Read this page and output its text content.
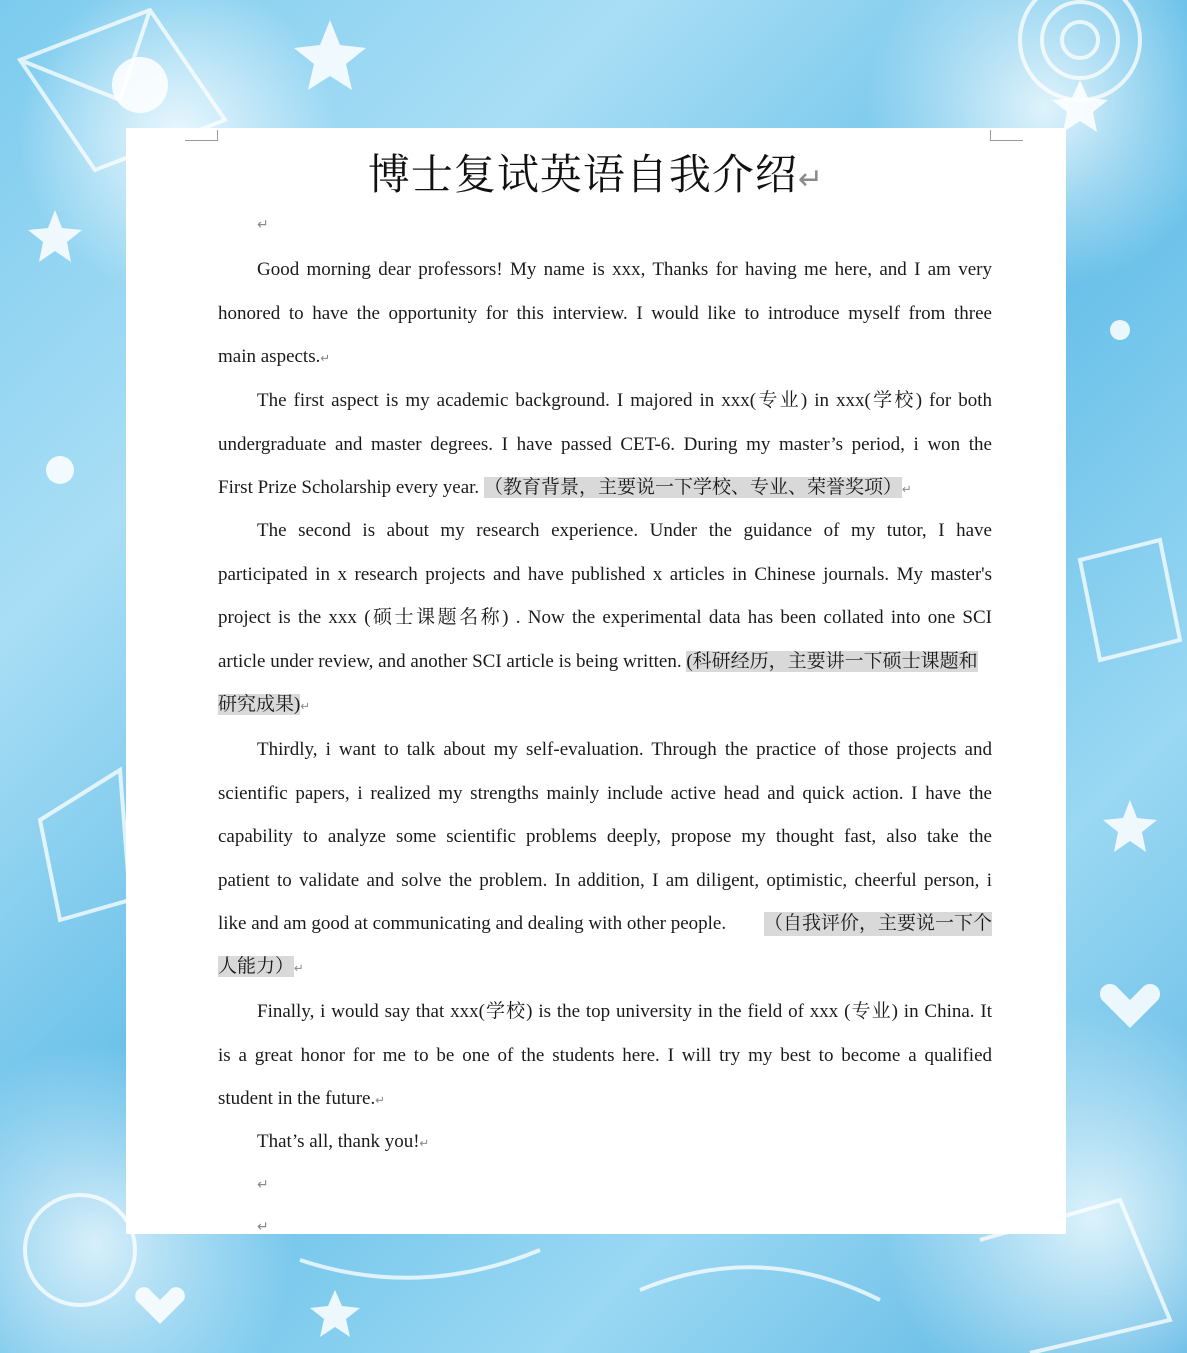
博士复试英语自我介绍↵
↵
Good morning dear professors! My name is xxx, Thanks for having me here, and I am very
honored to have the opportunity for this interview. I would like to introduce myself from three
main aspects.↵
The first aspect is my academic background. I majored in xxx(专业) in xxx(学校) for both
undergraduate and master degrees. I have passed CET-6. During my master’s period, i won the
First Prize Scholarship every year. （教育背景，主要说一下学校、专业、荣誉奖项）↵
The second is about my research experience. Under the guidance of my tutor, I have
participated in x research projects and have published x articles in Chinese journals. My master's
project is the xxx (硕士课题名称) . Now the experimental data has been collated into one SCI
article under review, and another SCI article is being written. (科研经历，主要讲一下硕士课题和
研究成果)↵
Thirdly, i want to talk about my self-evaluation. Through the practice of those projects and
scientific papers, i realized my strengths mainly include active head and quick action. I have the
capability to analyze some scientific problems deeply, propose my thought fast, also take the
patient to validate and solve the problem. In addition, I am diligent, optimistic, cheerful person, i
like and am good at communicating and dealing with other people. （自我评价，主要说一下个
人能力）↵
Finally, i would say that xxx(学校) is the top university in the field of xxx (专业) in China. It
is a great honor for me to be one of the students here. I will try my best to become a qualified
student in the future.↵
That’s all, thank you!↵
↵
↵
